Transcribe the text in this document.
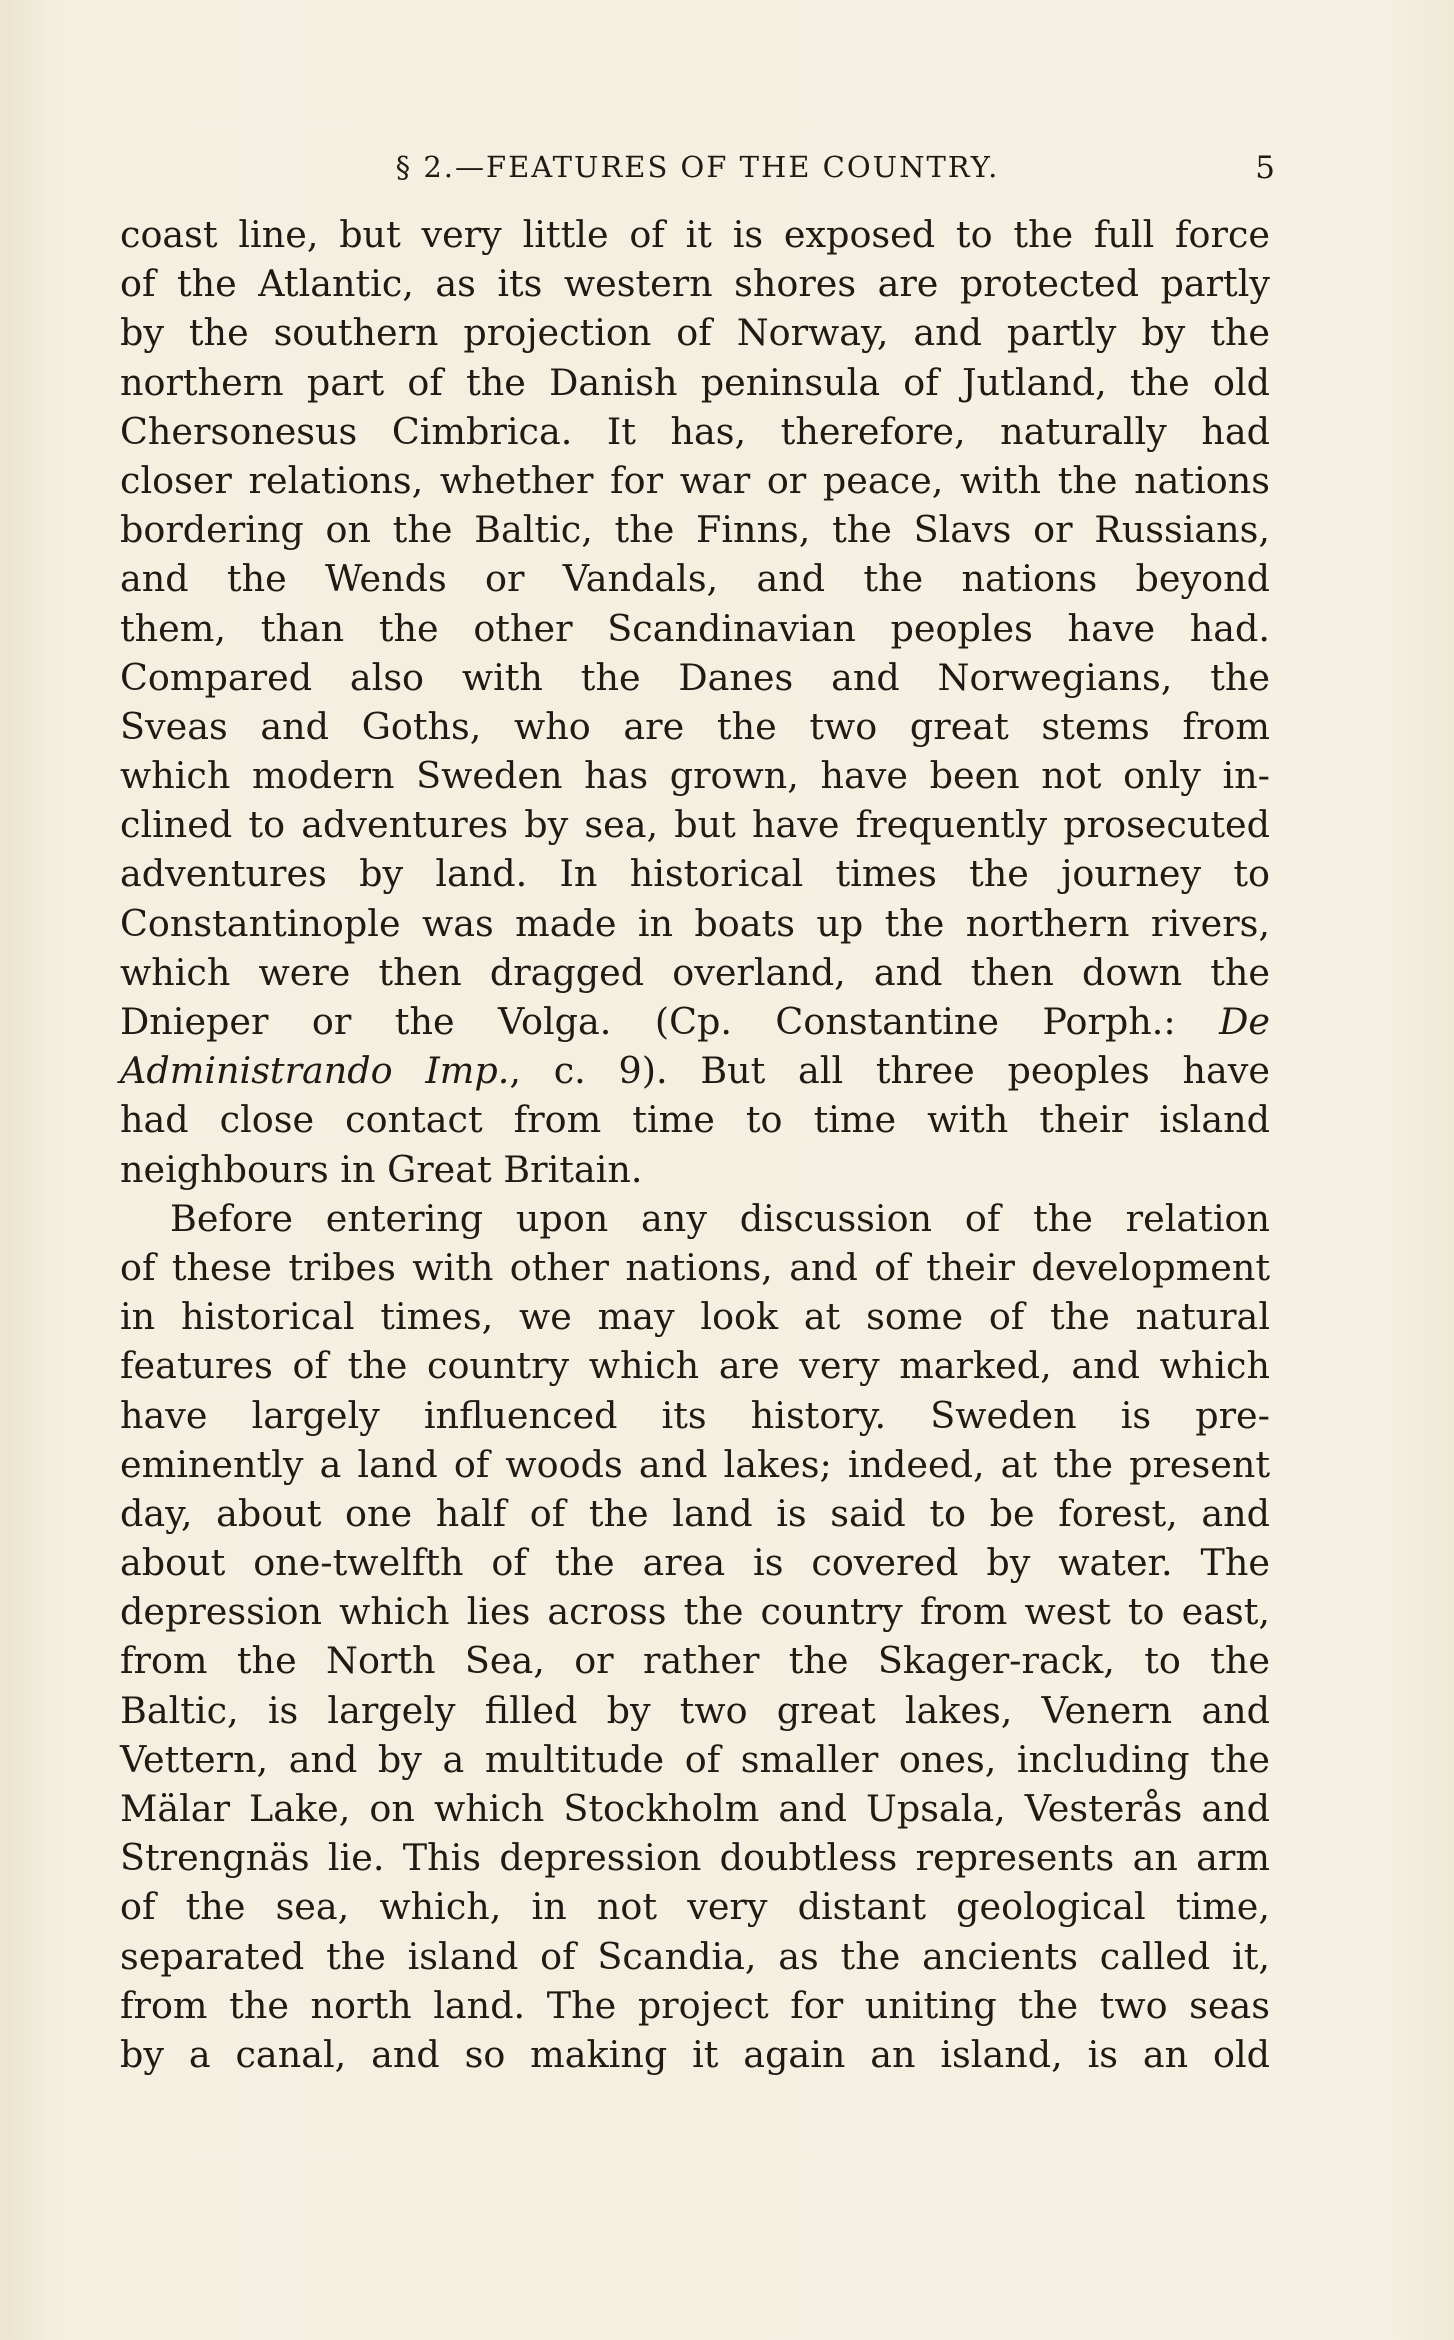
§ 2.—FEATURES OF THE COUNTRY.	5
coast line, but very little of it is exposed to the full force
of the Atlantic, as its western shores are protected partly
by the southern projection of Norway, and partly by the
northern part of the Danish peninsula of Jutland, the old
Chersonesus Cimbrica. It has, therefore, naturally had
closer relations, whether for war or peace, with the nations
bordering on the Baltic, the Finns, the Slavs or Russians,
and the Wends or Vandals, and the nations beyond
them, than the other Scandinavian peoples have had.
Compared also with the Danes and Norwegians, the
Sveas and Goths, who are the two great stems from
which modern Sweden has grown, have been not only in-
clined to adventures by sea, but have frequently prosecuted
adventures by land. In historical times the journey to
Constantinople was made in boats up the northern rivers,
which were then dragged overland, and then down the
Dnieper or the Volga. (Cp. Constantine Porph.: De
Administrando Imp., c. 9). But all three peoples have
had close contact from time to time with their island
neighbours in Great Britain.
Before entering upon any discussion of the relation
of these tribes with other nations, and of their development
in historical times, we may look at some of the natural
features of the country which are very marked, and which
have largely influenced its history. Sweden is pre-
eminently a land of woods and lakes; indeed, at the present
day, about one half of the land is said to be forest, and
about one-twelfth of the area is covered by water. The
depression which lies across the country from west to east,
from the North Sea, or rather the Skager-rack, to the
Baltic, is largely filled by two great lakes, Venern and
Vettern, and by a multitude of smaller ones, including the
Mälar Lake, on which Stockholm and Upsala, Vesterås and
Strengnäs lie. This depression doubtless represents an arm
of the sea, which, in not very distant geological time,
separated the island of Scandia, as the ancients called it,
from the north land. The project for uniting the two seas
by a canal, and so making it again an island, is an old
